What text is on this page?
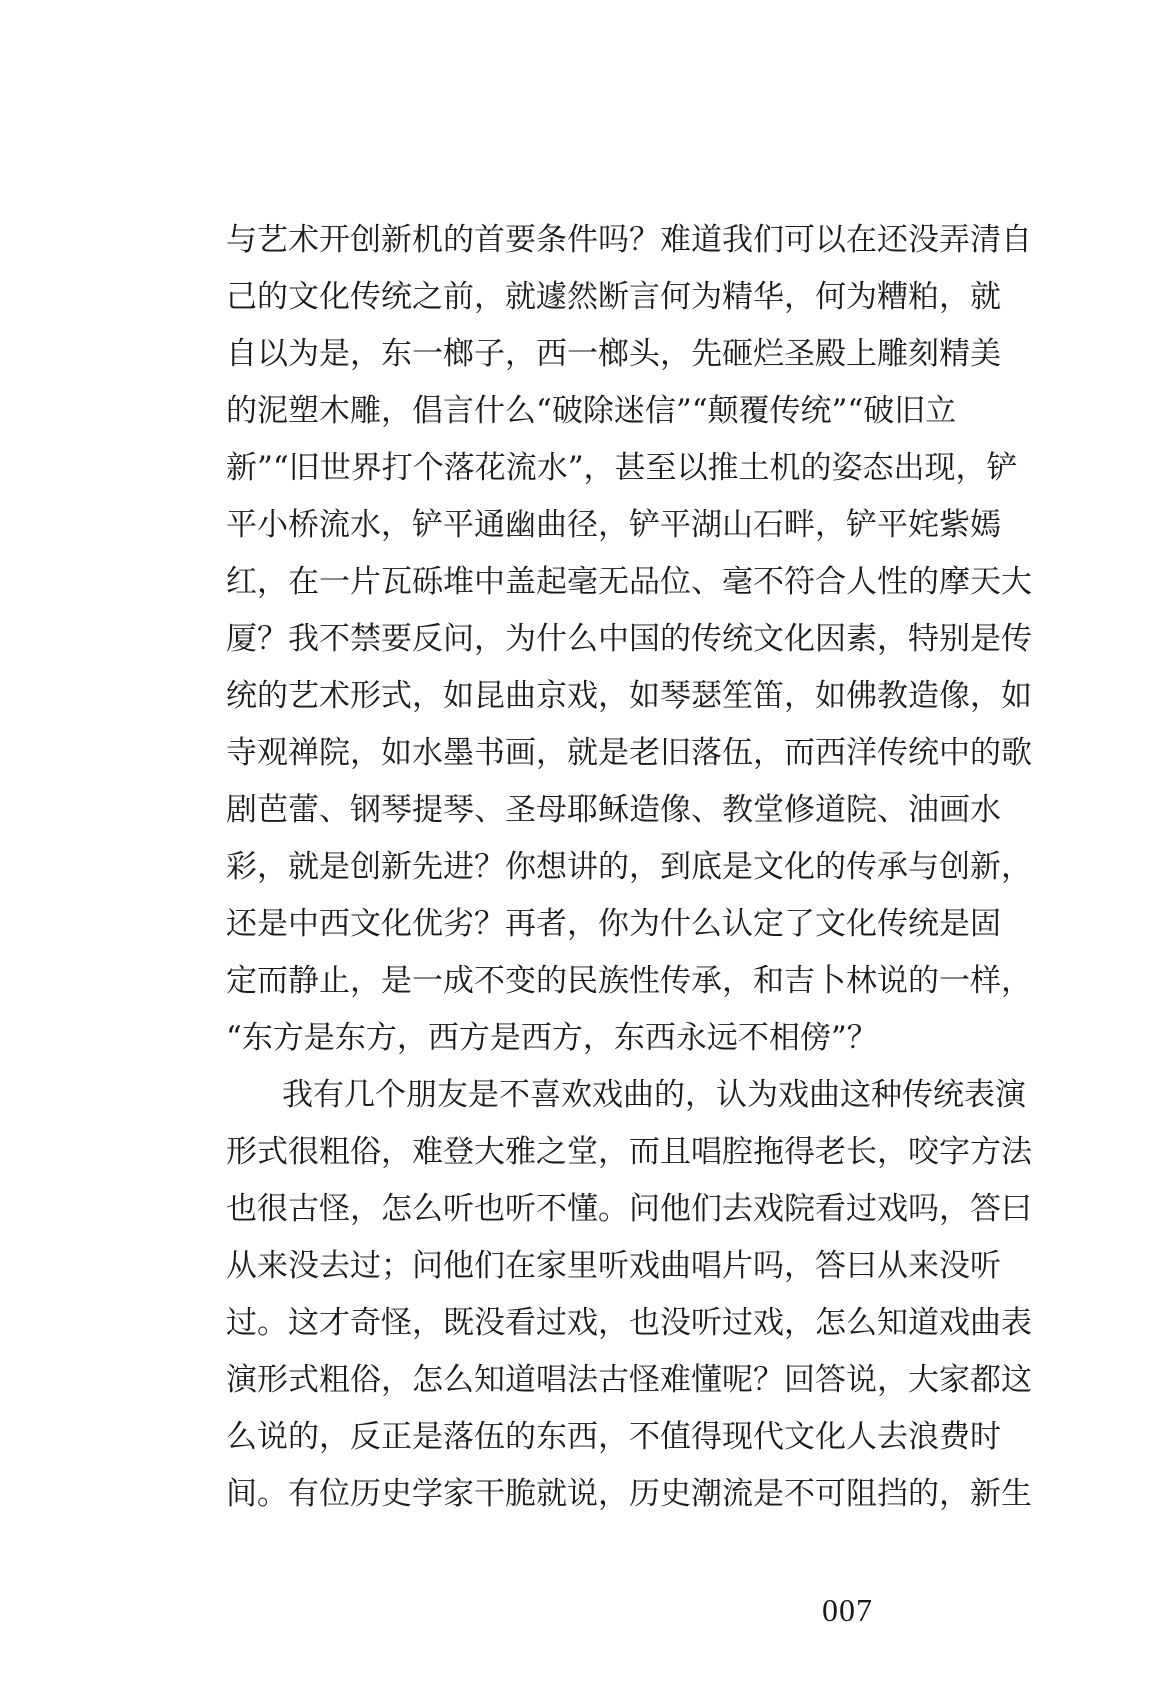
与艺术开创新机的首要条件吗？难道我们可以在还没弄清自
己的文化传统之前，就遽然断言何为精华，何为糟粕，就
自以为是，东一榔子，西一榔头，先砸烂圣殿上雕刻精美
的泥塑木雕，倡言什么“破除迷信”“颠覆传统”“破旧立
新”“旧世界打个落花流水”，甚至以推土机的姿态出现，铲
平小桥流水，铲平通幽曲径，铲平湖山石畔，铲平姹紫嫣
红，在一片瓦砾堆中盖起毫无品位、毫不符合人性的摩天大
厦？我不禁要反问，为什么中国的传统文化因素，特别是传
统的艺术形式，如昆曲京戏，如琴瑟笙笛，如佛教造像，如
寺观禅院，如水墨书画，就是老旧落伍，而西洋传统中的歌
剧芭蕾、钢琴提琴、圣母耶稣造像、教堂修道院、油画水
彩，就是创新先进？你想讲的，到底是文化的传承与创新，
还是中西文化优劣？再者，你为什么认定了文化传统是固
定而静止，是一成不变的民族性传承，和吉卜林说的一样，
“东方是东方，西方是西方，东西永远不相傍”？
我有几个朋友是不喜欢戏曲的，认为戏曲这种传统表演
形式很粗俗，难登大雅之堂，而且唱腔拖得老长，咬字方法
也很古怪，怎么听也听不懂。问他们去戏院看过戏吗，答曰
从来没去过；问他们在家里听戏曲唱片吗，答曰从来没听
过。这才奇怪，既没看过戏，也没听过戏，怎么知道戏曲表
演形式粗俗，怎么知道唱法古怪难懂呢？回答说，大家都这
么说的，反正是落伍的东西，不值得现代文化人去浪费时
间。有位历史学家干脆就说，历史潮流是不可阻挡的，新生
007
